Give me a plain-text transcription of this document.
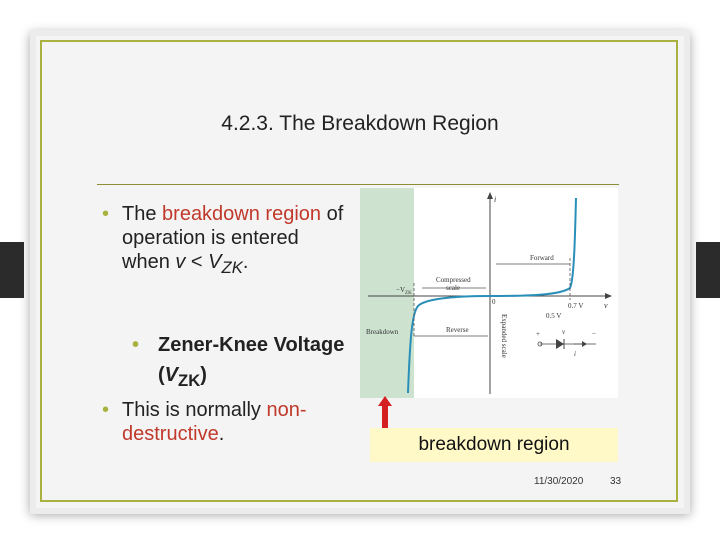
4.2.3. The Breakdown Region
• The breakdown region of operation is entered when $v < V_{ZK}$.
• Zener-Knee Voltage $(V_{ZK})$
• This is normally non-destructive.
i
v
$-V_{ZK}$
Compressed
scale
Forward
0	0.7 V
0.5 V
Breakdown	Reverse	Expanded scale	+	−
v
i
breakdown region
11/30/2020	33
